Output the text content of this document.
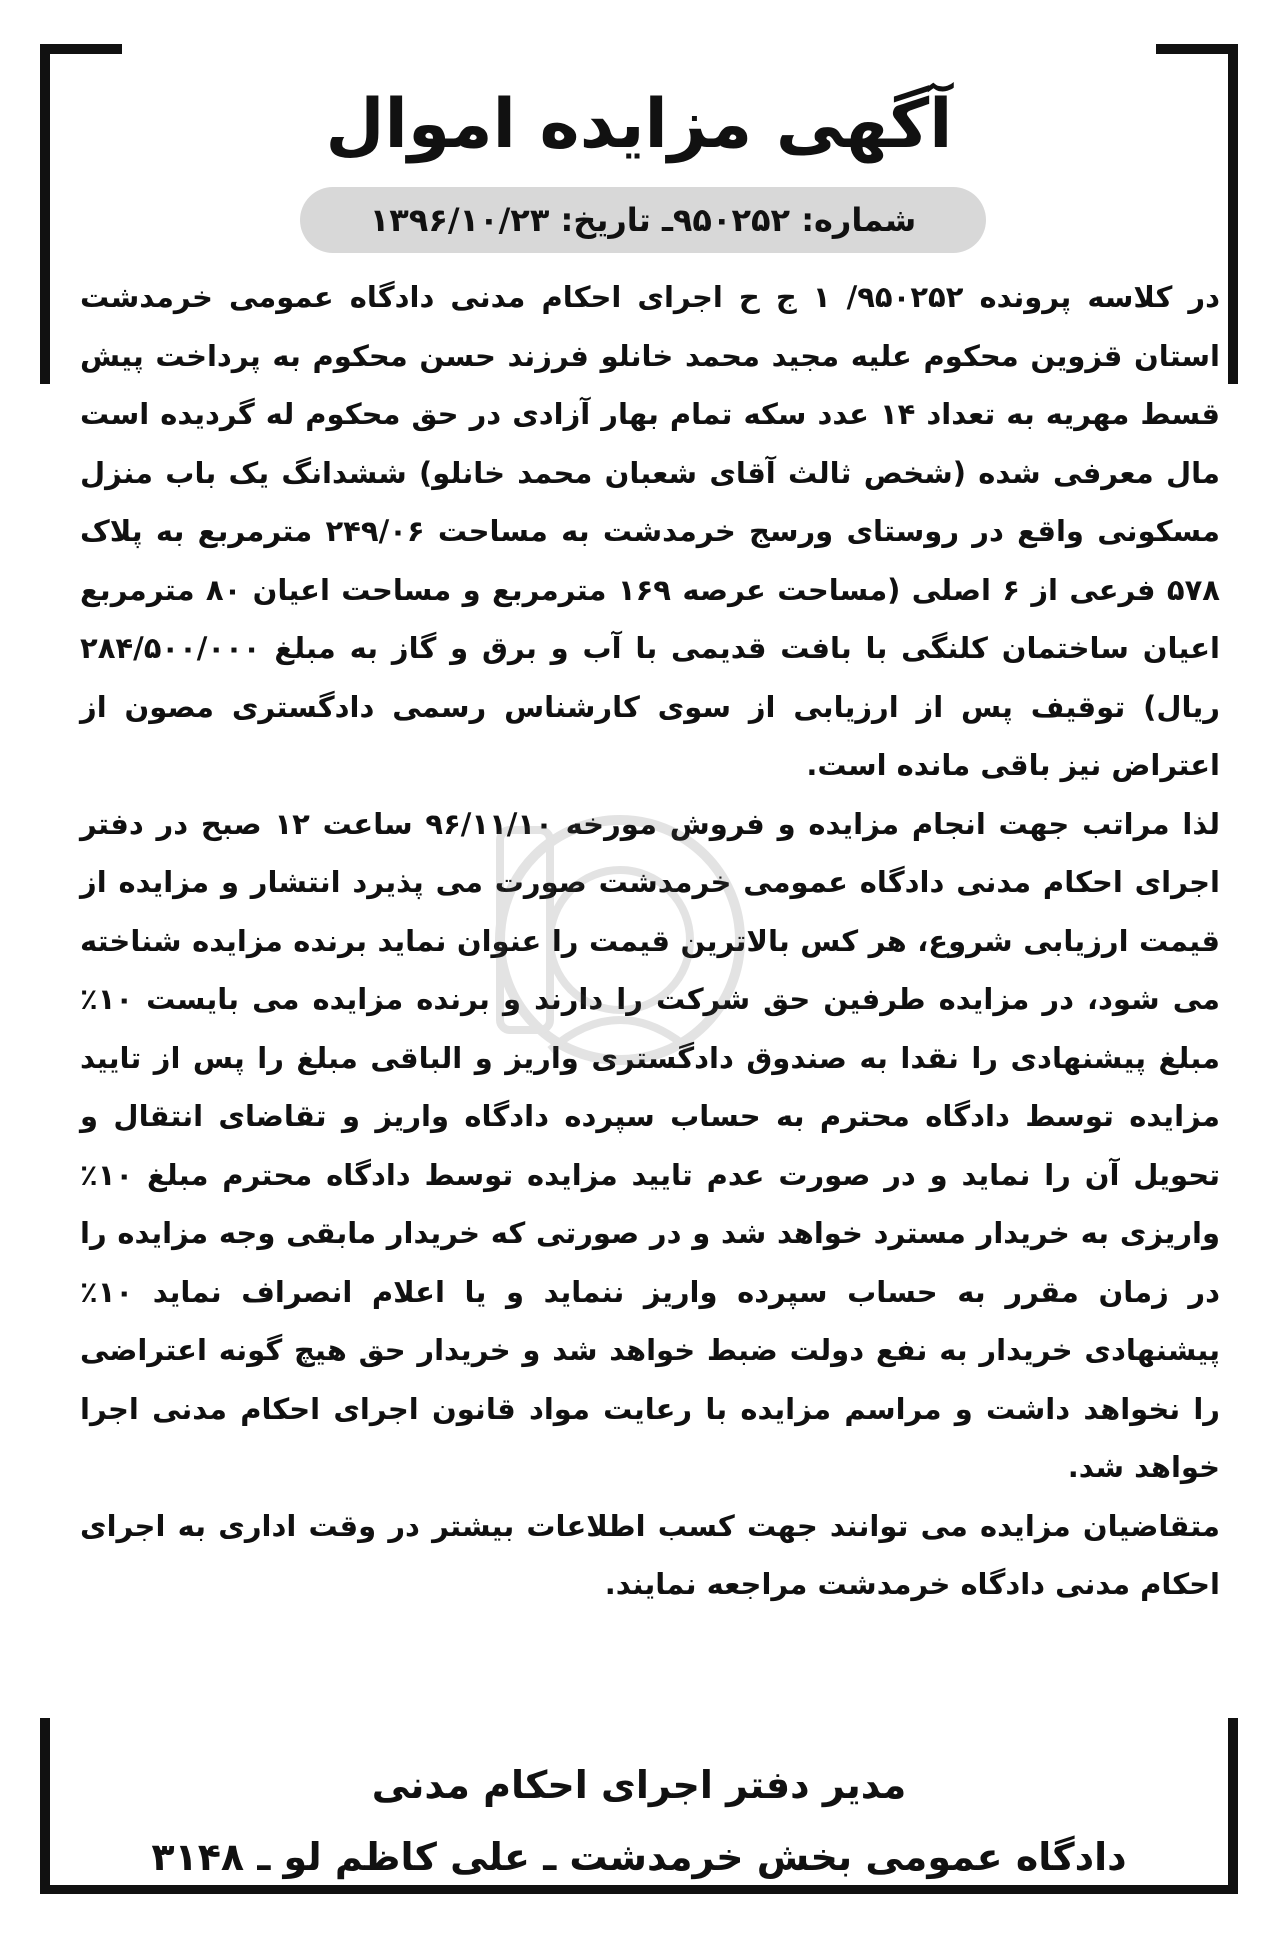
آگهی مزایده اموال
شماره: ۹۵۰۲۵۲ـ تاریخ: ۱۳۹۶/۱۰/۲۳

در کلاسه پرونده ۹۵۰۲۵۲/ ۱ ج ح اجرای احکام مدنی دادگاه عمومی خرمدشت استان قزوین محکوم علیه مجید محمد خانلو فرزند حسن محکوم به پرداخت پیش قسط مهریه به تعداد ۱۴ عدد سکه تمام بهار آزادی در حق محکوم له گردیده است مال معرفی شده (شخص ثالث آقای شعبان محمد خانلو) ششدانگ یک باب منزل مسکونی واقع در روستای ورسج خرمدشت به مساحت ۲۴۹/۰۶ مترمربع به پلاک ۵۷۸ فرعی از ۶ اصلی (مساحت عرصه ۱۶۹ مترمربع و مساحت اعیان ۸۰ مترمربع اعیان ساختمان کلنگی با بافت قدیمی با آب و برق و گاز به مبلغ ۲۸۴/۵۰۰/۰۰۰ ریال) توقیف پس از ارزیابی از سوی کارشناس رسمی دادگستری مصون از اعتراض نیز باقی مانده است.

لذا مراتب جهت انجام مزایده و فروش مورخه ۹۶/۱۱/۱۰ ساعت ۱۲ صبح در دفتر اجرای احکام مدنی دادگاه عمومی خرمدشت صورت می پذیرد انتشار و مزایده از قیمت ارزیابی شروع، هر کس بالاترین قیمت را عنوان نماید برنده مزایده شناخته می شود، در مزایده طرفین حق شرکت را دارند و برنده مزایده می بایست ۱۰٪ مبلغ پیشنهادی را نقدا به صندوق دادگستری واریز و الباقی مبلغ را پس از تایید مزایده توسط دادگاه محترم به حساب سپرده دادگاه واریز و تقاضای انتقال و تحویل آن را نماید و در صورت عدم تایید مزایده توسط دادگاه محترم مبلغ ۱۰٪ واریزی به خریدار مسترد خواهد شد و در صورتی که خریدار مابقی وجه مزایده را در زمان مقرر به حساب سپرده واریز ننماید و یا اعلام انصراف نماید ۱۰٪ پیشنهادی خریدار به نفع دولت ضبط خواهد شد و خریدار حق هیچ گونه اعتراضی را نخواهد داشت و مراسم مزایده با رعایت مواد قانون اجرای احکام مدنی اجرا خواهد شد.

متقاضیان مزایده می توانند جهت کسب اطلاعات بیشتر در وقت اداری به اجرای احکام مدنی دادگاه خرمدشت مراجعه نمایند.

مدیر دفتر اجرای احکام مدنی
دادگاه عمومی بخش خرمدشت ـ علی کاظم لو ـ ۳۱۴۸
